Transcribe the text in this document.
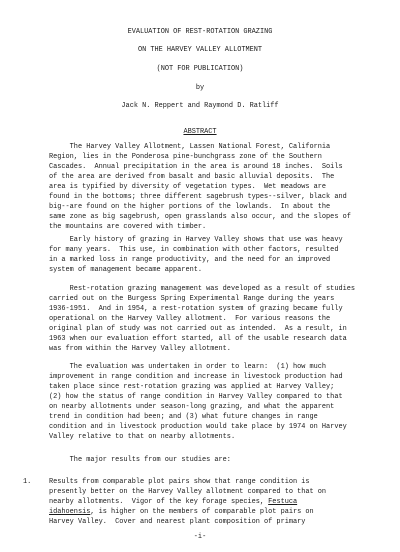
EVALUATION OF REST-ROTATION GRAZING
ON THE HARVEY VALLEY ALLOTMENT
(NOT FOR PUBLICATION)
by
Jack N. Reppert and Raymond D. Ratliff
ABSTRACT
The Harvey Valley Allotment, Lassen National Forest, California
Region, lies in the Ponderosa pine-bunchgrass zone of the Southern
Cascades.  Annual precipitation in the area is around 18 inches.  Soils
of the area are derived from basalt and basic alluvial deposits.  The
area is typified by diversity of vegetation types.  Wet meadows are
found in the bottoms; three different sagebrush types--silver, black and
big--are found on the higher portions of the lowlands.  In about the
same zone as big sagebrush, open grasslands also occur, and the slopes of
the mountains are covered with timber.
Early history of grazing in Harvey Valley shows that use was heavy
for many years.  This use, in combination with other factors, resulted
in a marked loss in range productivity, and the need for an improved
system of management became apparent.
Rest-rotation grazing management was developed as a result of studies
carried out on the Burgess Spring Experimental Range during the years
1936-1951.  And in 1954, a rest-rotation system of grazing became fully
operational on the Harvey Valley allotment.  For various reasons the
original plan of study was not carried out as intended.  As a result, in
1963 when our evaluation effort started, all of the usable research data
was from within the Harvey Valley allotment.
The evaluation was undertaken in order to learn:  (1) how much
improvement in range condition and increase in livestock production had
taken place since rest-rotation grazing was applied at Harvey Valley;
(2) how the status of range condition in Harvey Valley compared to that
on nearby allotments under season-long grazing, and what the apparent
trend in condition had been; and (3) what future changes in range
condition and in livestock production would take place by 1974 on Harvey
Valley relative to that on nearby allotments.
The major results from our studies are:
1.	Results from comparable plot pairs show that range condition is
presently better on the Harvey Valley allotment compared to that on
nearby allotments.  Vigor of the key forage species, Festuca
idahoensis, is higher on the members of comparable plot pairs on
Harvey Valley.  Cover and nearest plant composition of primary
-i-
